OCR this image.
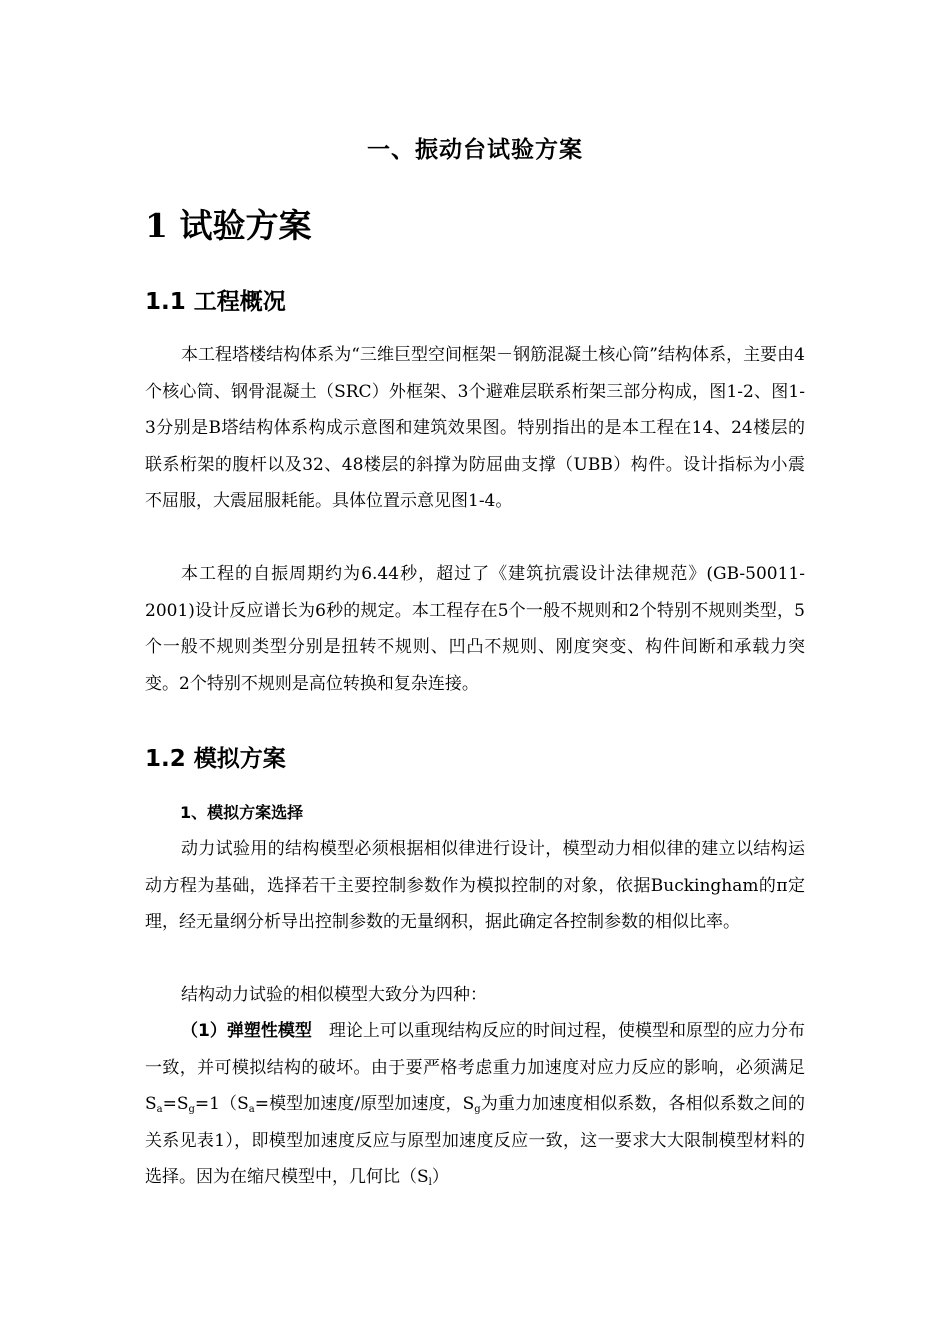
一、振动台试验方案
1 试验方案
1.1 工程概况

本工程塔楼结构体系为“三维巨型空间框架－钢筋混凝土核心筒”结构体系，主要由4个核心筒、钢骨混凝土（SRC）外框架、3个避难层联系桁架三部分构成，图1-2、图1-3分别是B塔结构体系构成示意图和建筑效果图。特别指出的是本工程在14、24楼层的联系桁架的腹杆以及32、48楼层的斜撑为防屈曲支撑（UBB）构件。设计指标为小震不屈服，大震屈服耗能。具体位置示意见图1-4。

本工程的自振周期约为6.44秒，超过了《建筑抗震设计法律规范》(GB-50011-2001)设计反应谱长为6秒的规定。本工程存在5个一般不规则和2个特别不规则类型，5个一般不规则类型分别是扭转不规则、凹凸不规则、刚度突变、构件间断和承载力突变。2个特别不规则是高位转换和复杂连接。

1.2 模拟方案
1、模拟方案选择

动力试验用的结构模型必须根据相似律进行设计，模型动力相似律的建立以结构运动方程为基础，选择若干主要控制参数作为模拟控制的对象，依据Buckingham的π定理，经无量纲分析导出控制参数的无量纲积，据此确定各控制参数的相似比率。

结构动力试验的相似模型大致分为四种：

（1）弹塑性模型　理论上可以重现结构反应的时间过程，使模型和原型的应力分布一致，并可模拟结构的破坏。由于要严格考虑重力加速度对应力反应的影响，必须满足$S_a=S_g=1(S_a=$模型加速度/原型加速度，$S_g$为重力加速度相似系数，各相似系数之间的关系见表1），即模型加速度反应与原型加速度反应一致，这一要求大大限制模型材料的选择。因为在缩尺模型中，几何比$(S_l)$
